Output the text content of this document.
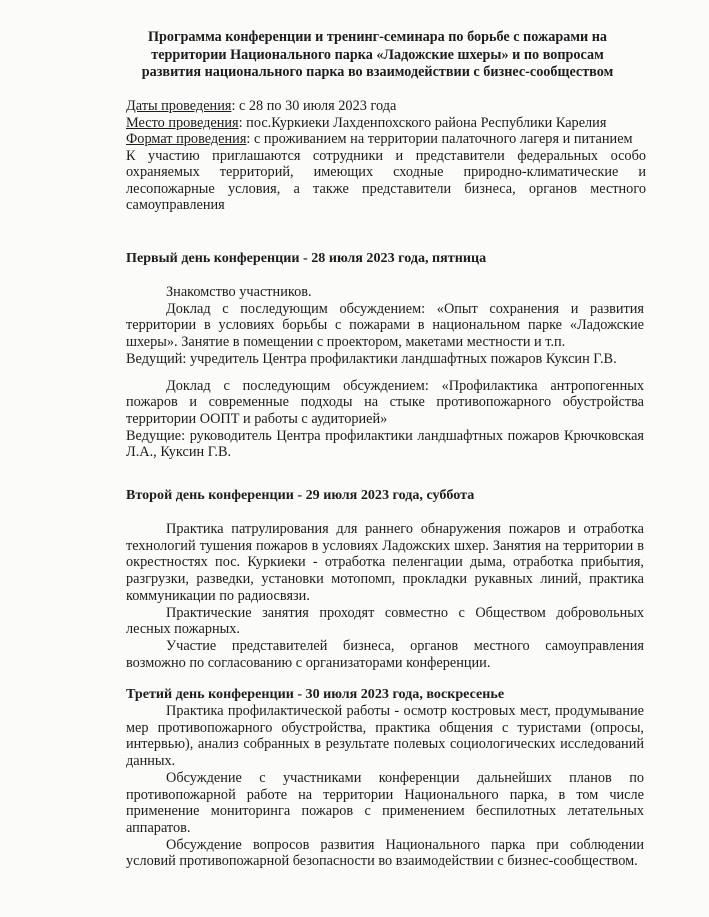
Программа конференции и тренинг-семинара по борьбе с пожарами на территории Национального парка «Ладожские шхеры» и по вопросам развития национального парка во взаимодействии с бизнес-сообществом

Даты проведения: с 28 по 30 июля 2023 года

Место проведения: пос.Куркиеки Лахденпохского района Республики Карелия

Формат проведения: с проживанием на территории палаточного лагеря и питанием

К участию приглашаются сотрудники и представители федеральных особо охраняемых территорий, имеющих сходные природно-климатические и лесопожарные условия, а также представители бизнеса, органов местного самоуправления

Первый день конференции - 28 июля 2023 года, пятница

Знакомство участников.

Доклад с последующим обсуждением: «Опыт сохранения и развития территории в условиях борьбы с пожарами в национальном парке «Ладожские шхеры». Занятие в помещении с проектором, макетами местности и т.п.

Ведущий: учредитель Центра профилактики ландшафтных пожаров Куксин Г.В.

Доклад с последующим обсуждением: «Профилактика антропогенных пожаров и современные подходы на стыке противопожарного обустройства территории ООПТ и работы с аудиторией»

Ведущие: руководитель Центра профилактики ландшафтных пожаров Крючковская Л.А., Куксин Г.В.

Второй день конференции - 29 июля 2023 года, суббота

Практика патрулирования для раннего обнаружения пожаров и отработка технологий тушения пожаров в условиях Ладожских шхер. Занятия на территории в окрестностях пос. Куркиеки - отработка пеленгации дыма, отработка прибытия, разгрузки, разведки, установки мотопомп, прокладки рукавных линий, практика коммуникации по радиосвязи.

Практические занятия проходят совместно с Обществом добровольных лесных пожарных.

Участие представителей бизнеса, органов местного самоуправления возможно по согласованию с организаторами конференции.

Третий день конференции - 30 июля 2023 года, воскресенье

Практика профилактической работы - осмотр костровых мест, продумывание мер противопожарного обустройства, практика общения с туристами (опросы, интервью), анализ собранных в результате полевых социологических исследований данных.

Обсуждение с участниками конференции дальнейших планов по противопожарной работе на территории Национального парка, в том числе применение мониторинга пожаров с применением беспилотных летательных аппаратов.

Обсуждение вопросов развития Национального парка при соблюдении условий противопожарной безопасности во взаимодействии с бизнес-сообществом.
